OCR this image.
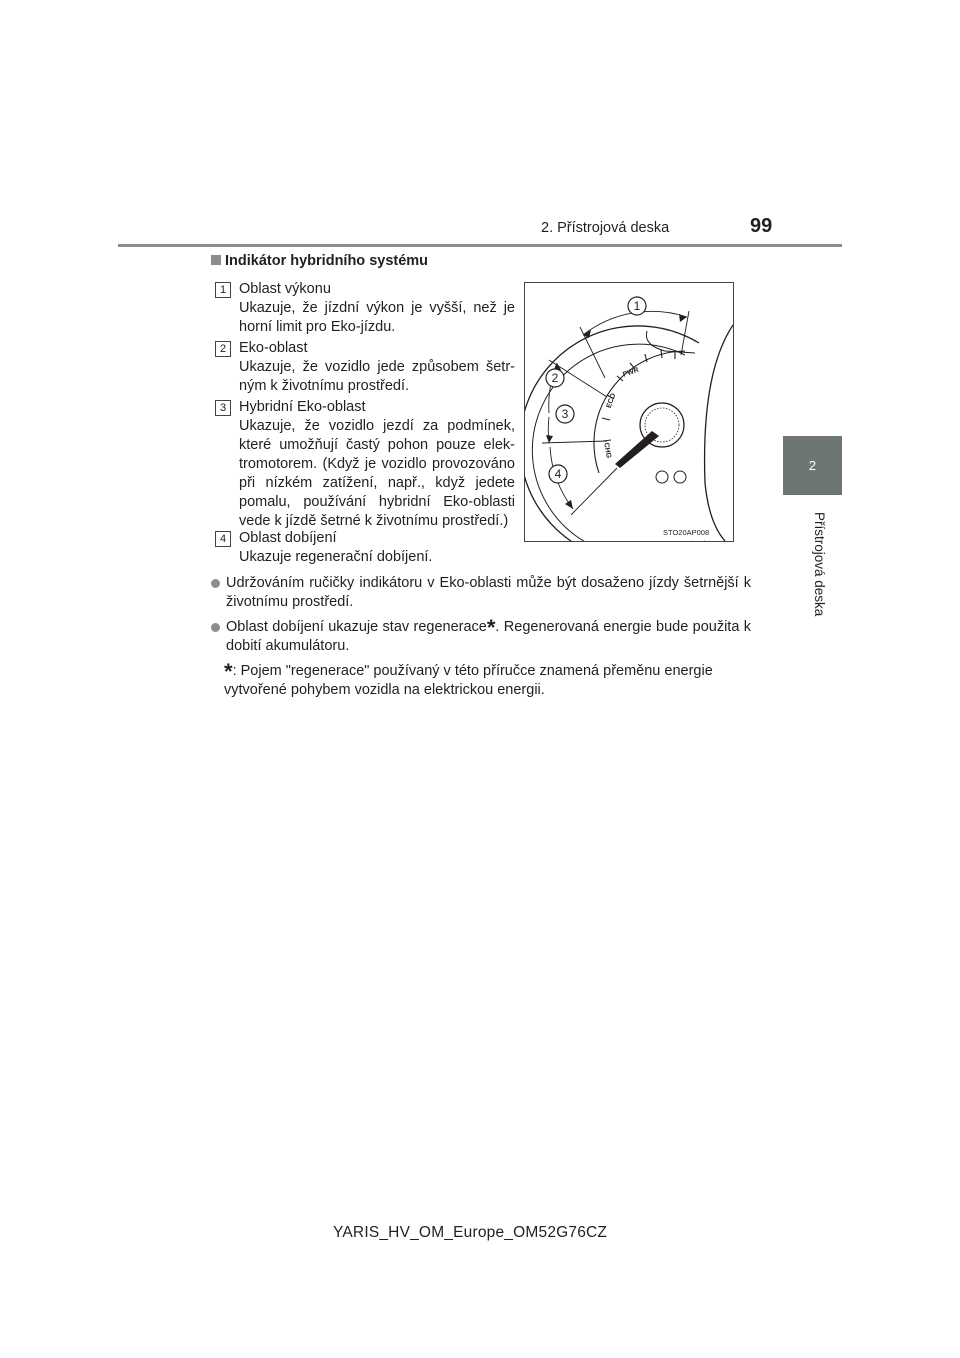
2. Přístrojová deska	99
2
Přístrojová deska
Indikátor hybridního systému
1 Oblast výkonu
Ukazuje, že jízdní výkon je vyšší, než je horní limit pro Eko-jízdu.
2 Eko-oblast
Ukazuje, že vozidlo jede způsobem šetrným k životnímu prostředí.
3 Hybridní Eko-oblast
Ukazuje, že vozidlo jezdí za podmínek, které umožňují častý pohon pouze elektromotorem. (Když je vozidlo provozováno při nízkém zatížení, např., když jedete pomalu, používání hybridní Eko-oblasti vede k jízdě šetrné k životnímu prostředí.)
4 Oblast dobíjení
Ukazuje regenerační dobíjení.
PWR
ECO
CHG
1
2
3
4
STO20AP008
Udržováním ručičky indikátoru v Eko-oblasti může být dosaženo jízdy šetrnější k životnímu prostředí.
Oblast dobíjení ukazuje stav regenerace*. Regenerovaná energie bude použita k dobití akumulátoru.
*: Pojem "regenerace" používaný v této příručce znamená přeměnu energie vytvořené pohybem vozidla na elektrickou energii.
YARIS_HV_OM_Europe_OM52G76CZ
